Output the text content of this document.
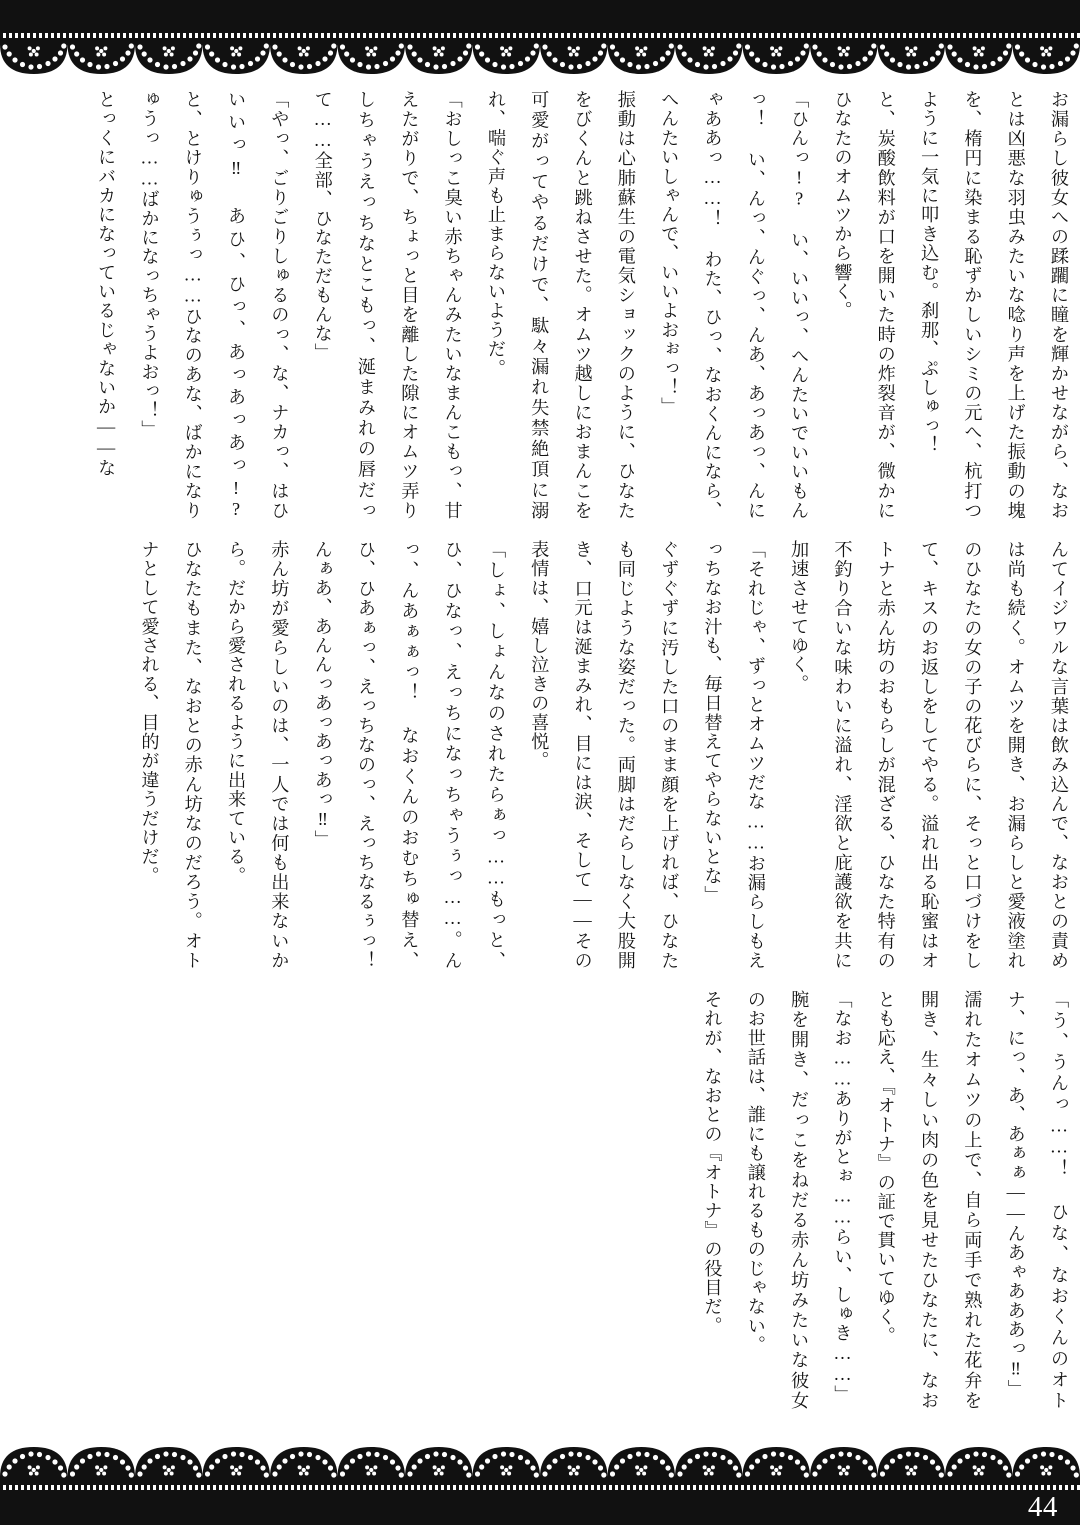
お漏らし彼女への蹂躙に瞳を輝かせながら、なおとは凶悪な羽虫みたいな唸り声を上げた振動の塊を、楕円に染まる恥ずかしいシミの元へ、杭打つように一気に叩き込む。刹那、ぷしゅっ！

と、炭酸飲料が口を開いた時の炸裂音が、微かにひなたのオムツから響く。

「ひんっ!? い、いいっ、へんたいでいいもんっ！ い、んっ、んぐっ、んあ、あっあっ、んにゃああっ……！ わた、ひっ、なおくんになら、へんたいしゃんで、いいよおぉっ！」

振動は心肺蘇生の電気ショックのように、ひなたをびくんと跳ねさせた。オムツ越しにおまんこを可愛がってやるだけで、駄々漏れ失禁絶頂に溺れ、喘ぐ声も止まらないようだ。

「おしっこ臭い赤ちゃんみたいなまんこもっ、甘えたがりで、ちょっと目を離した隙にオムツ弄りしちゃうえっちなとこもっ、涎まみれの唇だって……全部、ひなただもんな」

「やっ、ごりごりしゅるのっ、な、ナカっ、はひいいっ‼ あひ、ひっ、あっあっあっ!? と、とけりゅうぅっ……ひなのあな、ばかになりゅうっ……ばかになっちゃうよおっ！」

とっくにバカになっているじゃないか——な

んてイジワルな言葉は飲み込んで、なおとの責めは尚も続く。オムツを開き、お漏らしと愛液塗れのひなたの女の子の花びらに、そっと口づけをして、キスのお返しをしてやる。溢れ出る恥蜜はオトナと赤ん坊のおもらしが混ざる、ひなた特有の不釣り合いな味わいに溢れ、淫欲と庇護欲を共に加速させてゆく。

「それじゃ、ずっとオムツだな……お漏らしもえっちなお汁も、毎日替えてやらないとな」

ぐずぐずに汚した口のまま顔を上げれば、ひなたも同じような姿だった。両脚はだらしなく大股開き、口元は涎まみれ、目には涙、そして——その表情は、嬉し泣きの喜悦。

「しょ、しょんなのされたらぁっ……もっと、ひ、ひなっ、えっちになっちゃうぅっ……。んっ、んあぁぁっ！ なおくんのおむちゅ替え、ひ、ひあぁっ、えっちなのっ、えっちなるぅっ！ んぁあ、あんんっあっあっあっ‼」

赤ん坊が愛らしいのは、一人では何も出来ないから。だから愛されるように出来ている。

ひなたもまた、なおとの赤ん坊なのだろう。オトナとして愛される、目的が違うだけだ。

「う、うんっ……！ ひな、なおくんのオトナ、にっ、あ、あぁぁ——んあゃあああっ‼」

濡れたオムツの上で、自ら両手で熟れた花弁を開き、生々しい肉の色を見せたひなたに、なおとも応え、『オトナ』の証で貫いてゆく。

「なお……ありがとぉ……らい、しゅき……」

腕を開き、だっこをねだる赤ん坊みたいな彼女のお世話は、誰にも譲れるものじゃない。

それが、なおとの『オトナ』の役目だ。

44
